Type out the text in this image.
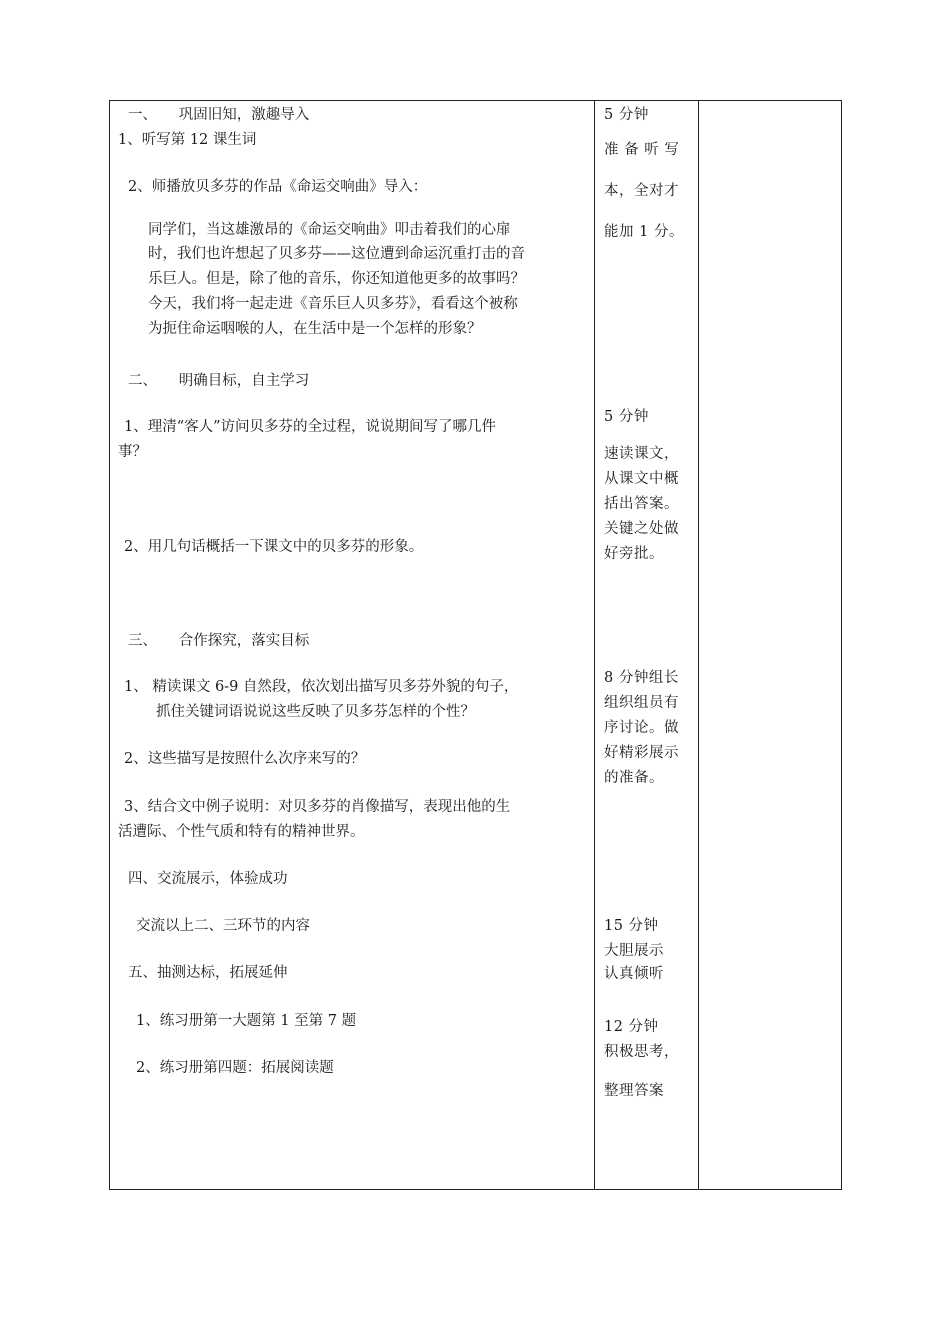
一、　　巩固旧知，激趣导入
1、听写第 12 课生词
2、师播放贝多芬的作品《命运交响曲》导入：
同学们，当这雄激昂的《命运交响曲》叩击着我们的心扉
时，我们也许想起了贝多芬——这位遭到命运沉重打击的音
乐巨人。但是，除了他的音乐，你还知道他更多的故事吗？
今天，我们将一起走进《音乐巨人贝多芬》，看看这个被称
为扼住命运咽喉的人，在生活中是一个怎样的形象？
二、　　明确目标，自主学习
1、理清“客人”访问贝多芬的全过程，说说期间写了哪几件
事？
2、用几句话概括一下课文中的贝多芬的形象。
三、　　合作探究，落实目标
1、 精读课文 6-9 自然段，依次划出描写贝多芬外貌的句子，
抓住关键词语说说这些反映了贝多芬怎样的个性？
2、这些描写是按照什么次序来写的？
3、结合文中例子说明：对贝多芬的肖像描写，表现出他的生
活遭际、个性气质和特有的精神世界。
四、交流展示，体验成功
交流以上二、三环节的内容
五、抽测达标，拓展延伸
1、练习册第一大题第 1 至第 7 题
2、练习册第四题：拓展阅读题
5 分钟
准 备 听 写
本，全对才
能加 1 分。
5 分钟
速读课文，
从课文中概
括出答案。
关键之处做
好旁批。
8 分钟组长
组织组员有
序讨论。做
好精彩展示
的准备。
15 分钟
大胆展示
认真倾听
12 分钟
积极思考，
整理答案
